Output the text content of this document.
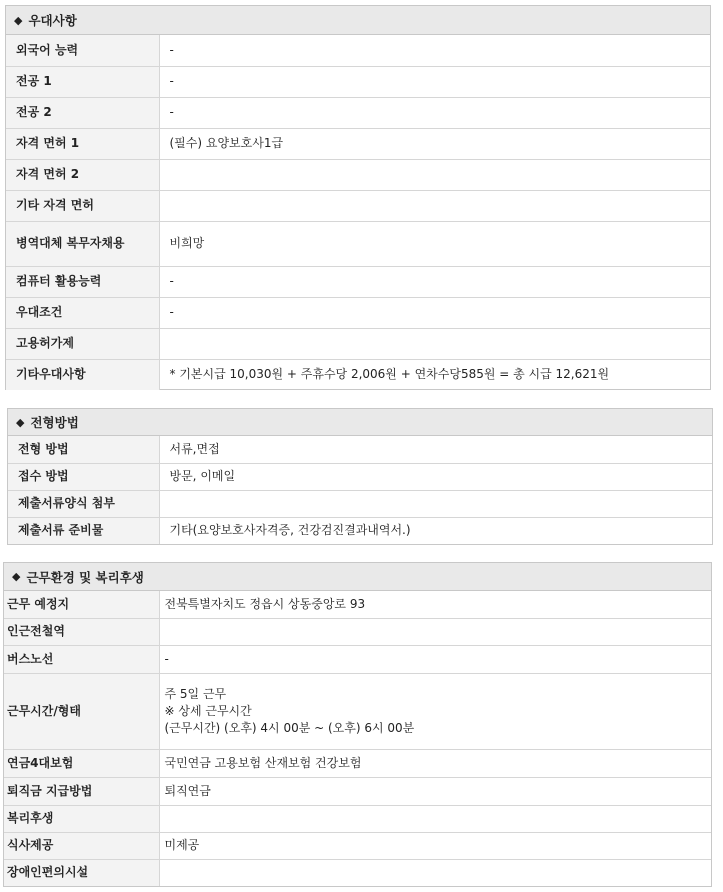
◆ 우대사항
외국어 능력	-
전공 1	-
전공 2	-
자격 면허 1	(필수) 요양보호사1급
자격 면허 2	
기타 자격 면허	
병역대체 복무자채용	비희망
컴퓨터 활용능력	-
우대조건	-
고용허가제	
기타우대사항	* 기본시급 10,030원 + 주휴수당 2,006원 + 연차수당585원 = 총 시급 12,621원
◆ 전형방법
전형 방법	서류,면접
접수 방법	방문, 이메일
제출서류양식 첨부	
제출서류 준비물	기타(요양보호사자격증, 건강검진결과내역서.)
◆ 근무환경 및 복리후생
근무 예정지	전북특별자치도 정읍시 상동중앙로 93
인근전철역	
버스노선	-
근무시간/형태	주 5일 근무
※ 상세 근무시간
(근무시간) (오후) 4시 00분 ~ (오후) 6시 00분

연금4대보험	국민연금 고용보험 산재보험 건강보험
퇴직금 지급방법	퇴직연금
복리후생	
식사제공	미제공
장애인편의시설	
